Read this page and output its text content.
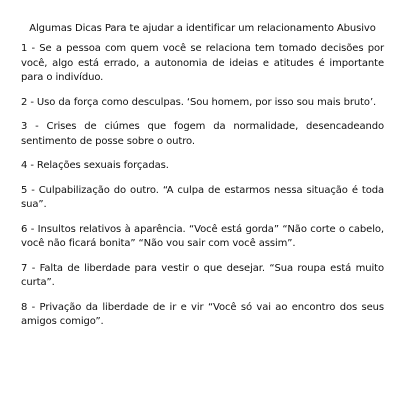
Algumas Dicas Para te ajudar a identificar um relacionamento Abusivo

1 - Se a pessoa com quem você se relaciona tem tomado decisões por você, algo está errado, a autonomia de ideias e atitudes é importante para o indivíduo.

2 - Uso da força como desculpas. ‘Sou homem, por isso sou mais bruto’.

3 - Crises de ciúmes que fogem da normalidade, desencadeando sentimento de posse sobre o outro.

4 - Relações sexuais forçadas.

5 - Culpabilização do outro. “A culpa de estarmos nessa situação é toda sua”.

6 - Insultos relativos à aparência. “Você está gorda” “Não corte o cabelo, você não ficará bonita” “Não vou sair com você assim”.

7 - Falta de liberdade para vestir o que desejar. “Sua roupa está muito curta”.

8 - Privação da liberdade de ir e vir “Você só vai ao encontro dos seus amigos comigo”.
